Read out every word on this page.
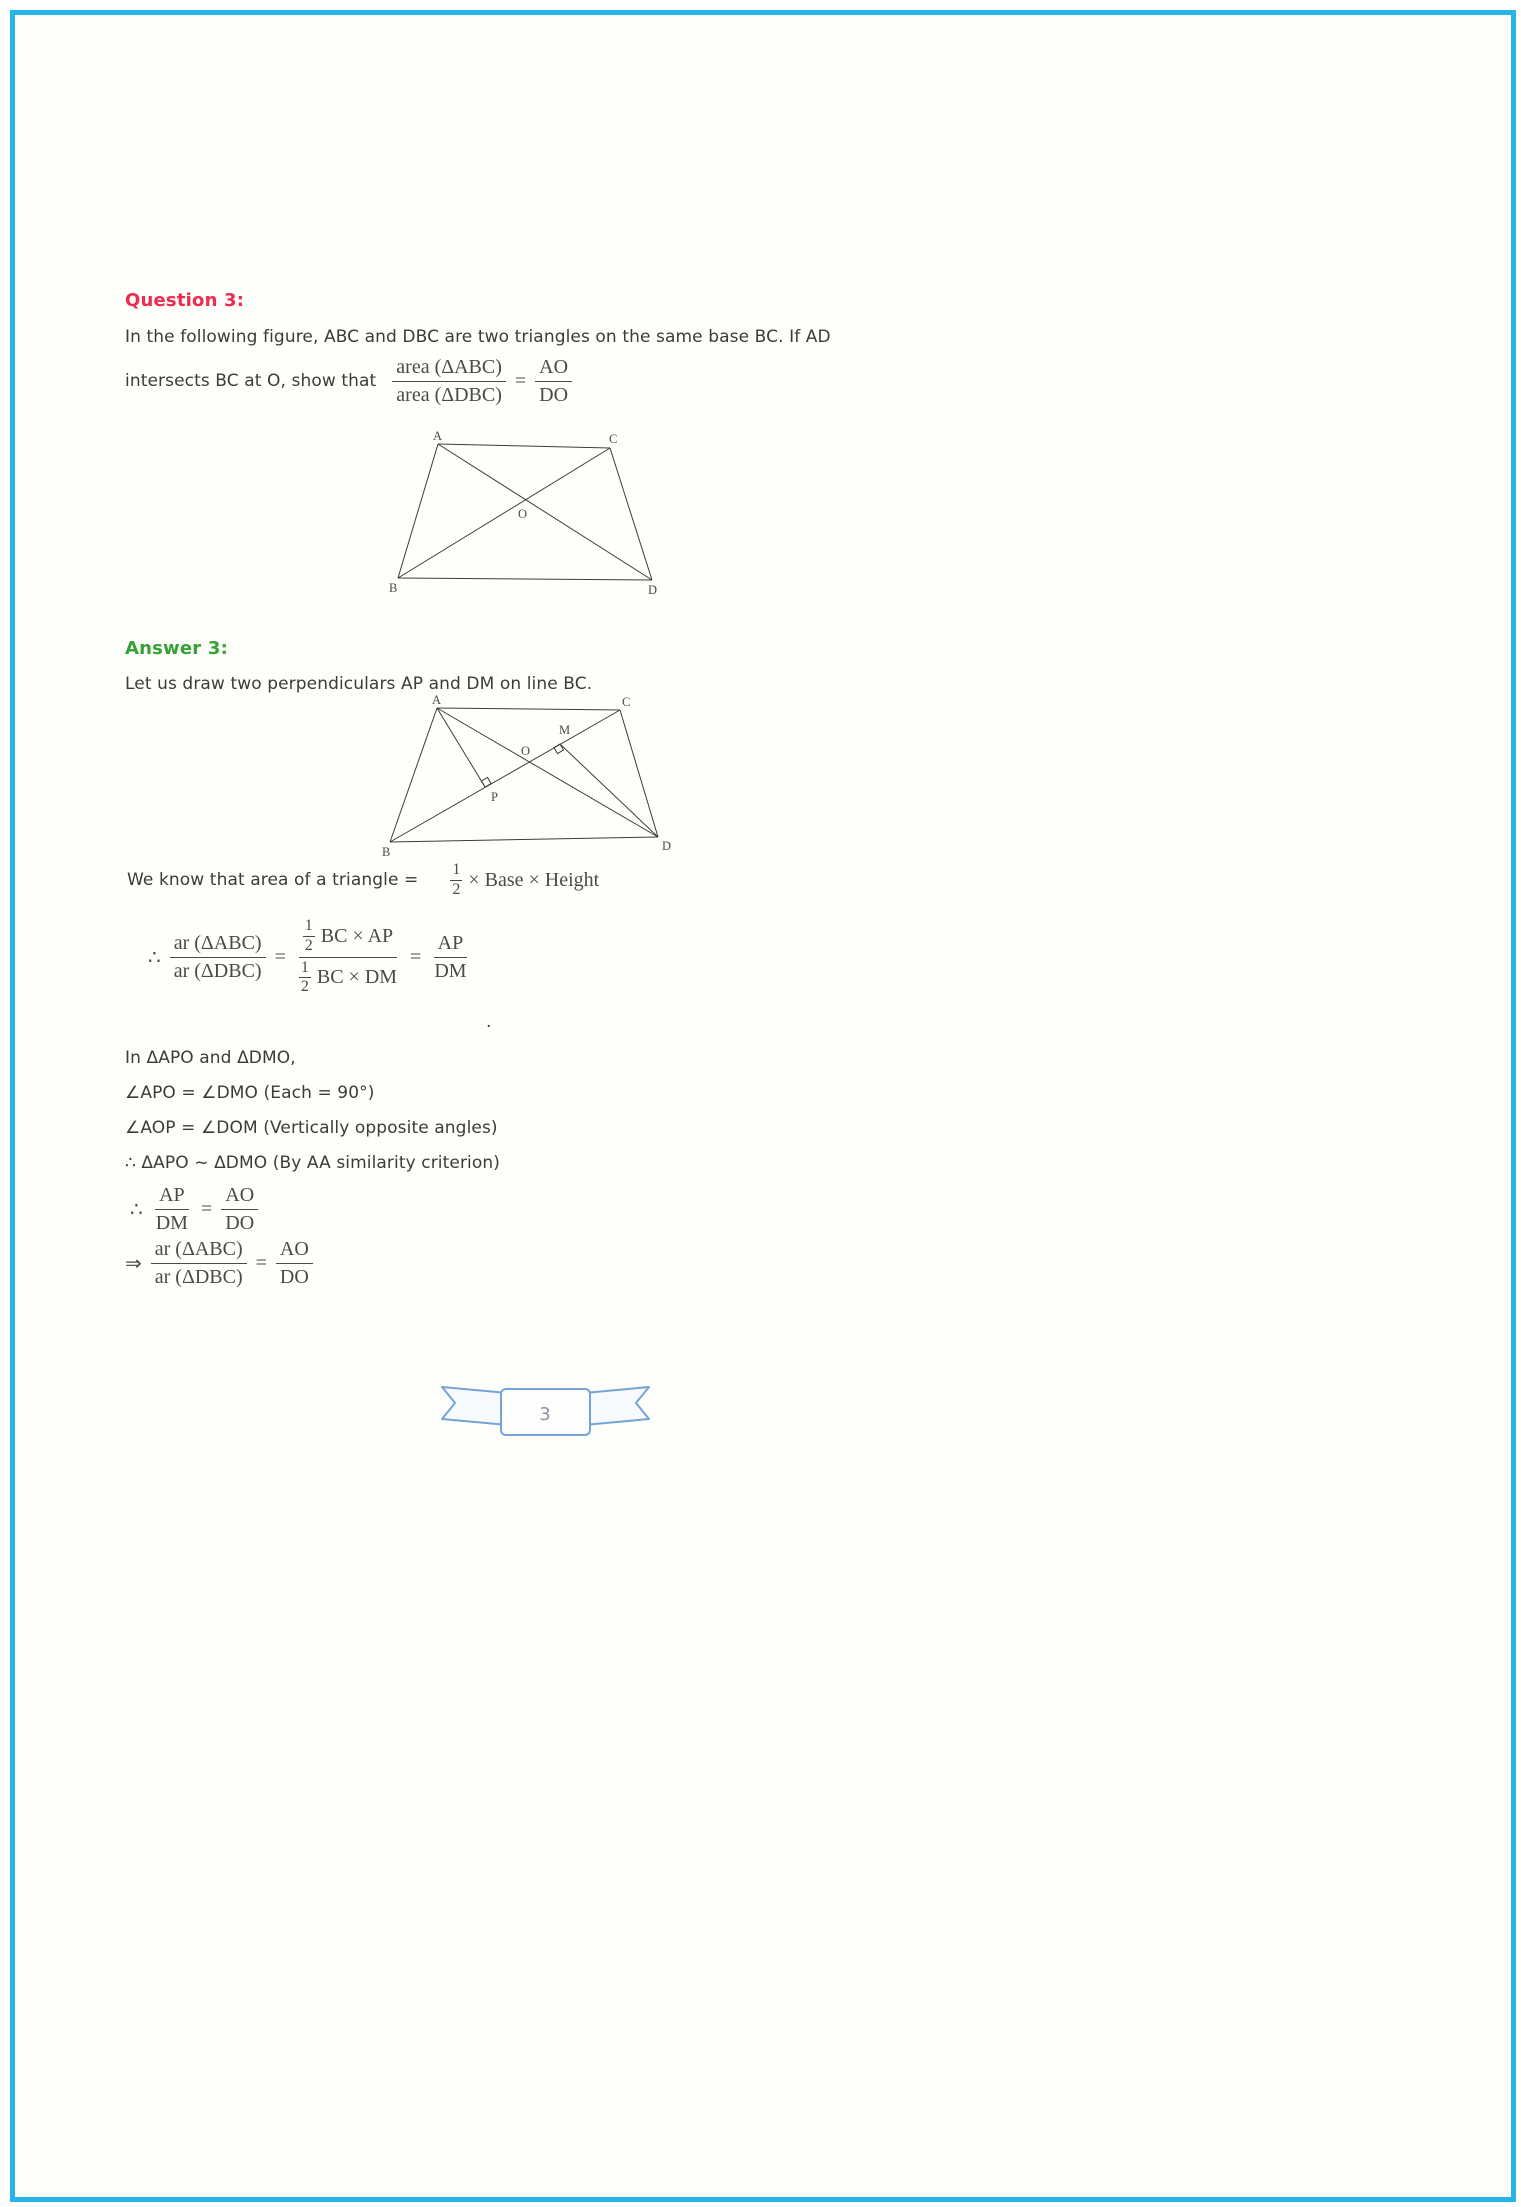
Question 3:
In the following figure, ABC and DBC are two triangles on the same base BC. If AD
intersects BC at O, show that $\frac{\text{area (ΔABC)}}{\text{area (ΔDBC)}} = \frac{AO}{DO}$
A	C
B	D
O
Answer 3:
Let us draw two perpendiculars AP and DM on line BC.
A	C
B	D
M
O
P
We know that area of a triangle = $\frac{1}{2}$ × Base × Height
∴ $\frac{\text{ar (ΔABC)}}{\text{ar (ΔDBC)}} = \frac{\frac{1}{2} BC \times AP}{\frac{1}{2} BC \times DM} = \frac{AP}{DM}$
.
In ΔAPO and ΔDMO,
∠APO = ∠DMO (Each = 90°)
∠AOP = ∠DOM (Vertically opposite angles)
∴ ΔAPO ~ ΔDMO (By AA similarity criterion)
∴ $\frac{AP}{DM} = \frac{AO}{DO}$
⇒ $\frac{\text{ar (ΔABC)}}{\text{ar (ΔDBC)}} = \frac{AO}{DO}$
3
